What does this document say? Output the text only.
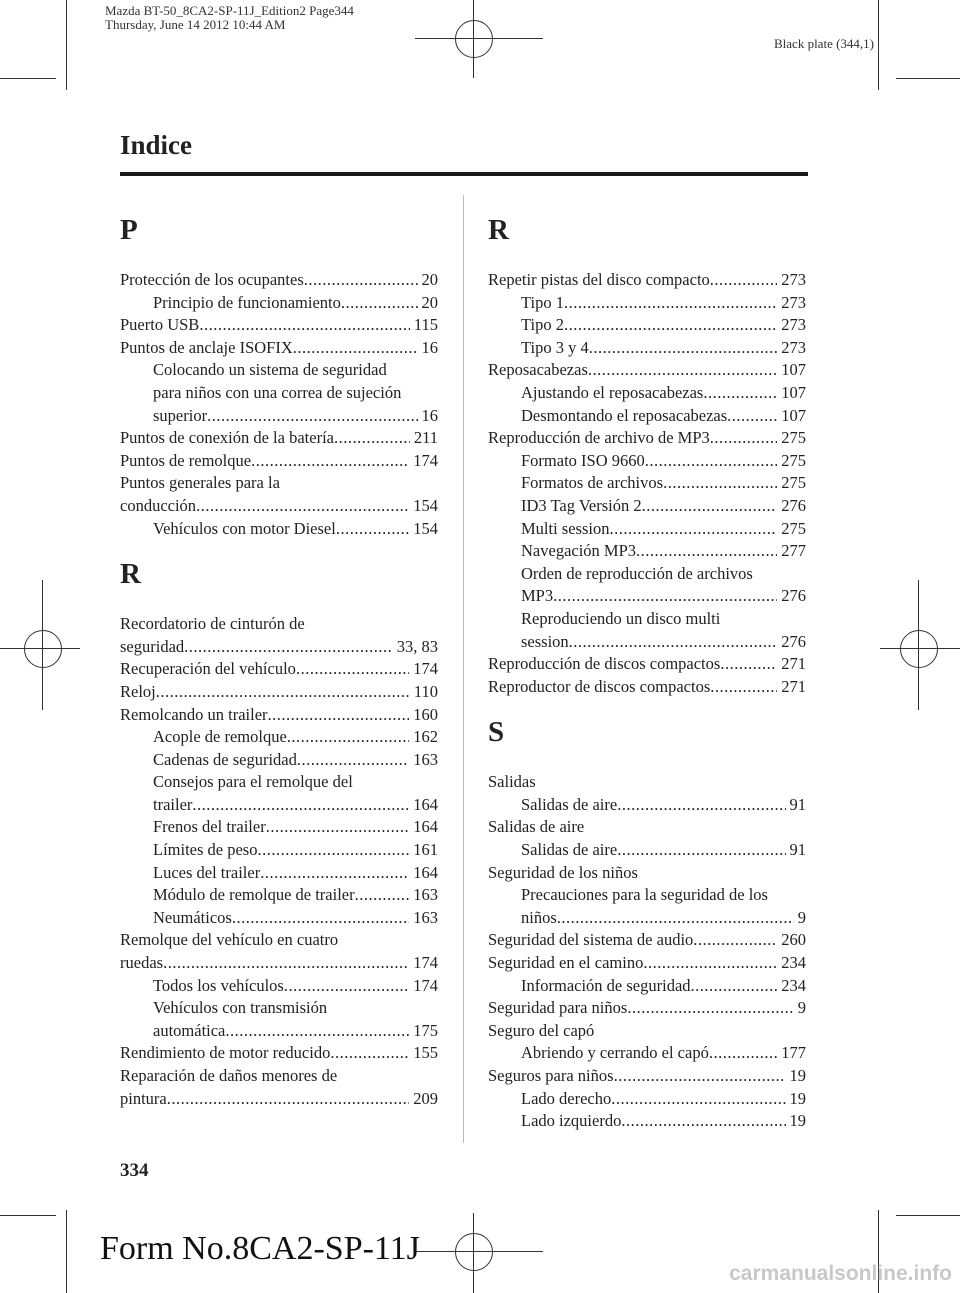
Mazda BT-50_8CA2-SP-11J_Edition2 Page344
Thursday, June 14 2012 10:44 AM
Black plate (344,1)
Indice
P
Protección de los ocupantes .....	20
Principio de funcionamiento .....	20
Puerto USB .....	115
Puntos de anclaje ISOFIX .....	16
Colocando un sistema de seguridad
para niños con una correa de sujeción
superior .....	16
Puntos de conexión de la batería .....	211
Puntos de remolque .....	174
Puntos generales para la
conducción .....	154
Vehículos con motor Diesel .....	154
R
Recordatorio de cinturón de
seguridad .....	33, 83
Recuperación del vehículo .....	174
Reloj .....	110
Remolcando un trailer .....	160
Acople de remolque .....	162
Cadenas de seguridad .....	163
Consejos para el remolque del
trailer .....	164
Frenos del trailer .....	164
Límites de peso .....	161
Luces del trailer .....	164
Módulo de remolque de trailer .....	163
Neumáticos .....	163
Remolque del vehículo en cuatro
ruedas .....	174
Todos los vehículos .....	174
Vehículos con transmisión
automática .....	175
Rendimiento de motor reducido .....	155
Reparación de daños menores de
pintura .....	209
R
Repetir pistas del disco compacto .....	273
Tipo 1 .....	273
Tipo 2 .....	273
Tipo 3 y 4 .....	273
Reposacabezas .....	107
Ajustando el reposacabezas .....	107
Desmontando el reposacabezas .....	107
Reproducción de archivo de MP3 .....	275
Formato ISO 9660 .....	275
Formatos de archivos .....	275
ID3 Tag Versión 2 .....	276
Multi session .....	275
Navegación MP3 .....	277
Orden de reproducción de archivos
MP3 .....	276
Reproduciendo un disco multi
session .....	276
Reproducción de discos compactos .....	271
Reproductor de discos compactos .....	271
S
Salidas
Salidas de aire .....	91
Salidas de aire
Salidas de aire .....	91
Seguridad de los niños
Precauciones para la seguridad de los
niños .....	9
Seguridad del sistema de audio .....	260
Seguridad en el camino .....	234
Información de seguridad .....	234
Seguridad para niños .....	9
Seguro del capó
Abriendo y cerrando el capó .....	177
Seguros para niños .....	19
Lado derecho .....	19
Lado izquierdo .....	19
334
Form No.8CA2-SP-11J
carmanualsonline.info
